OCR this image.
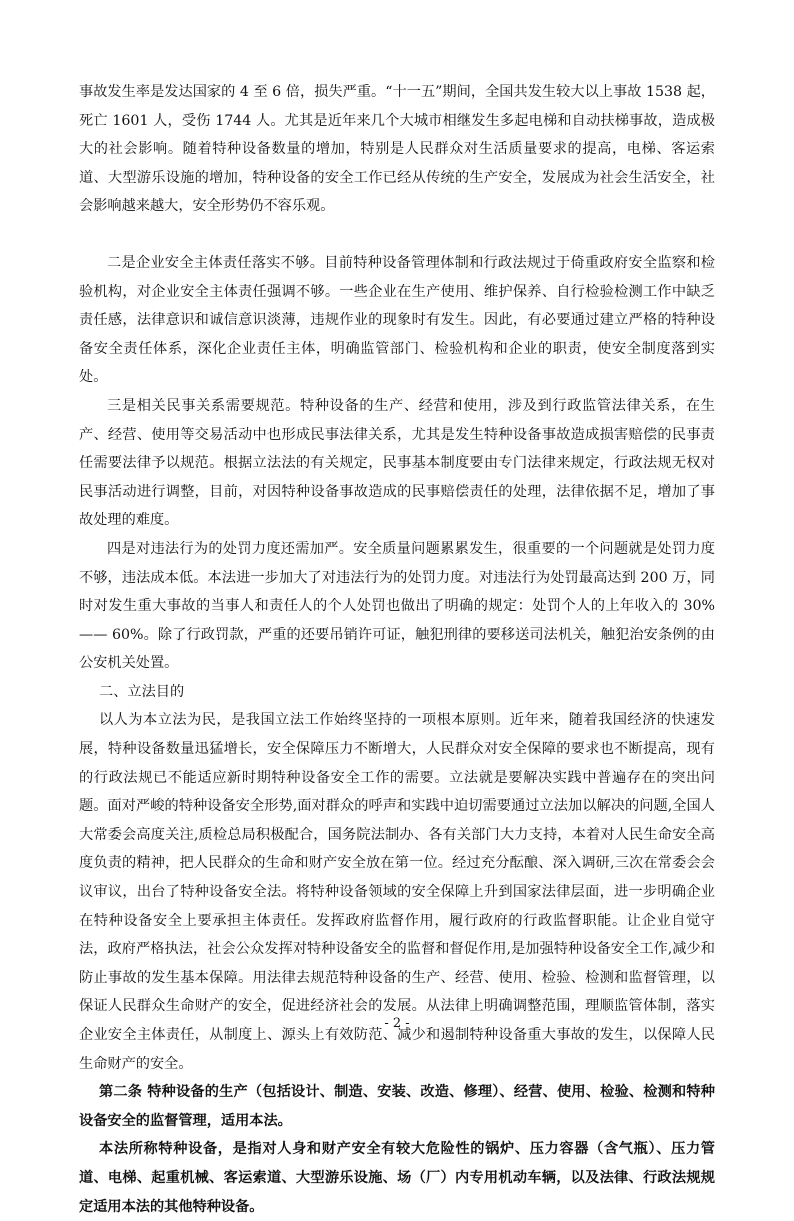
事故发生率是发达国家的 4 至 6 倍，损失严重。“十一五”期间，全国共发生较大以上事故 1538 起，死亡 1601 人，受伤 1744 人。尤其是近年来几个大城市相继发生多起电梯和自动扶梯事故，造成极大的社会影响。随着特种设备数量的增加，特别是人民群众对生活质量要求的提高，电梯、客运索道、大型游乐设施的增加，特种设备的安全工作已经从传统的生产安全，发展成为社会生活安全，社会影响越来越大，安全形势仍不容乐观。

二是企业安全主体责任落实不够。目前特种设备管理体制和行政法规过于倚重政府安全监察和检验机构，对企业安全主体责任强调不够。一些企业在生产使用、维护保养、自行检验检测工作中缺乏责任感，法律意识和诚信意识淡薄，违规作业的现象时有发生。因此，有必要通过建立严格的特种设备安全责任体系，深化企业责任主体，明确监管部门、检验机构和企业的职责，使安全制度落到实处。

三是相关民事关系需要规范。特种设备的生产、经营和使用，涉及到行政监管法律关系，在生产、经营、使用等交易活动中也形成民事法律关系，尤其是发生特种设备事故造成损害赔偿的民事责任需要法律予以规范。根据立法法的有关规定，民事基本制度要由专门法律来规定，行政法规无权对民事活动进行调整，目前，对因特种设备事故造成的民事赔偿责任的处理，法律依据不足，增加了事故处理的难度。

四是对违法行为的处罚力度还需加严。安全质量问题累累发生，很重要的一个问题就是处罚力度不够，违法成本低。本法进一步加大了对违法行为的处罚力度。对违法行为处罚最高达到 200 万，同时对发生重大事故的当事人和责任人的个人处罚也做出了明确的规定：处罚个人的上年收入的 30%—— 60%。除了行政罚款，严重的还要吊销许可证，触犯刑律的要移送司法机关，触犯治安条例的由公安机关处置。

二、立法目的

以人为本立法为民，是我国立法工作始终坚持的一项根本原则。近年来，随着我国经济的快速发展，特种设备数量迅猛增长，安全保障压力不断增大，人民群众对安全保障的要求也不断提高，现有的行政法规已不能适应新时期特种设备安全工作的需要。立法就是要解决实践中普遍存在的突出问题。面对严峻的特种设备安全形势,面对群众的呼声和实践中迫切需要通过立法加以解决的问题,全国人大常委会高度关注,质检总局积极配合，国务院法制办、各有关部门大力支持，本着对人民生命安全高度负责的精神，把人民群众的生命和财产安全放在第一位。经过充分酝酿、深入调研,三次在常委会会议审议，出台了特种设备安全法。将特种设备领域的安全保障上升到国家法律层面，进一步明确企业在特种设备安全上要承担主体责任。发挥政府监督作用，履行政府的行政监督职能。让企业自觉守法，政府严格执法，社会公众发挥对特种设备安全的监督和督促作用,是加强特种设备安全工作,减少和防止事故的发生基本保障。用法律去规范特种设备的生产、经营、使用、检验、检测和监督管理，以保证人民群众生命财产的安全，促进经济社会的发展。从法律上明确调整范围，理顺监管体制，落实企业安全主体责任，从制度上、源头上有效防范、减少和遏制特种设备重大事故的发生，以保障人民生命财产的安全。

第二条 特种设备的生产（包括设计、制造、安装、改造、修理）、经营、使用、检验、检测和特种设备安全的监督管理，适用本法。

本法所称特种设备，是指对人身和财产安全有较大危险性的锅炉、压力容器（含气瓶）、压力管道、电梯、起重机械、客运索道、大型游乐设施、场（厂）内专用机动车辆，以及法律、行政法规规定适用本法的其他特种设备。

- 2 -
